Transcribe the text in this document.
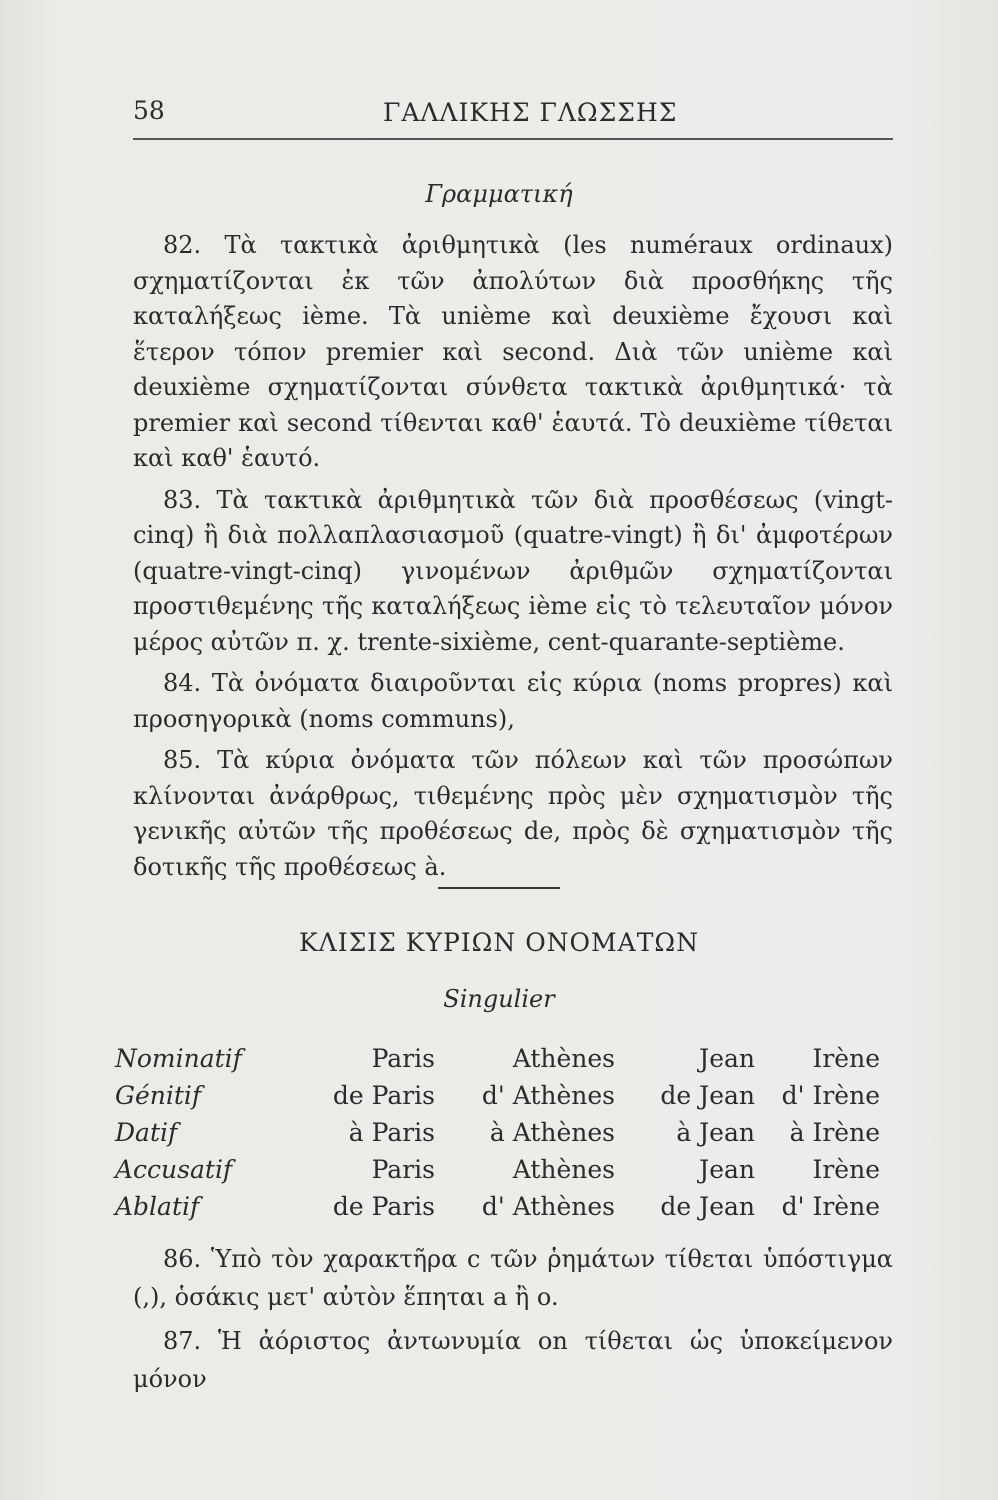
58	ΓΑΛΛΙΚΗΣ ΓΛΩΣΣΗΣ
Γραμματική

82. Τὰ τακτικὰ ἀριθμητικὰ (les numéraux ordinaux) σχηματίζονται ἐκ τῶν ἀπολύτων διὰ προσθήκης τῆς καταλήξεως ième. Τὰ unième καὶ deuxième ἔχουσι καὶ ἕτερον τόπον premier καὶ second. Διὰ τῶν unième καὶ deuxième σχηματίζονται σύνθετα τακτικὰ ἀριθμητικά· τὰ premier καὶ second τίθενται καθ' ἑαυτά. Τὸ deuxième τίθεται καὶ καθ' ἑαυτό.

83. Τὰ τακτικὰ ἀριθμητικὰ τῶν διὰ προσθέσεως (vingt-cinq) ἢ διὰ πολλαπλασιασμοῦ (quatre-vingt) ἢ δι' ἀμφοτέρων (quatre-vingt-cinq) γινομένων ἀριθμῶν σχηματίζονται προστιθεμένης τῆς καταλήξεως ième εἰς τὸ τελευταῖον μόνον μέρος αὐτῶν π. χ. trente-sixième, cent-quarante-septième.

84. Τὰ ὀνόματα διαιροῦνται εἰς κύρια (noms propres) καὶ προσηγορικὰ (noms communs),

85. Τὰ κύρια ὀνόματα τῶν πόλεων καὶ τῶν προσώπων κλίνονται ἀνάρθρως, τιθεμένης πρὸς μὲν σχηματισμὸν τῆς γενικῆς αὐτῶν τῆς προθέσεως de, πρὸς δὲ σχηματισμὸν τῆς δοτικῆς τῆς προθέσεως à.

ΚΛΙΣΙΣ ΚΥΡΙΩΝ ΟΝΟΜΑΤΩΝ
Singulier
Nominatif	Paris	Athènes	Jean	Irène
Génitif	de Paris	d' Athènes	de Jean	d' Irène
Datif	à Paris	à Athènes	à Jean	à Irène
Accusatif	Paris	Athènes	Jean	Irène
Ablatif	de Paris	d' Athènes	de Jean	d' Irène

86. Ὑπὸ τὸν χαρακτῆρα c τῶν ῥημάτων τίθεται ὑπόστιγμα (,), ὁσάκις μετ' αὐτὸν ἕπηται a ἢ o.

87. Ἡ ἀόριστος ἀντωνυμία on τίθεται ὡς ὑποκείμενον μόνον
